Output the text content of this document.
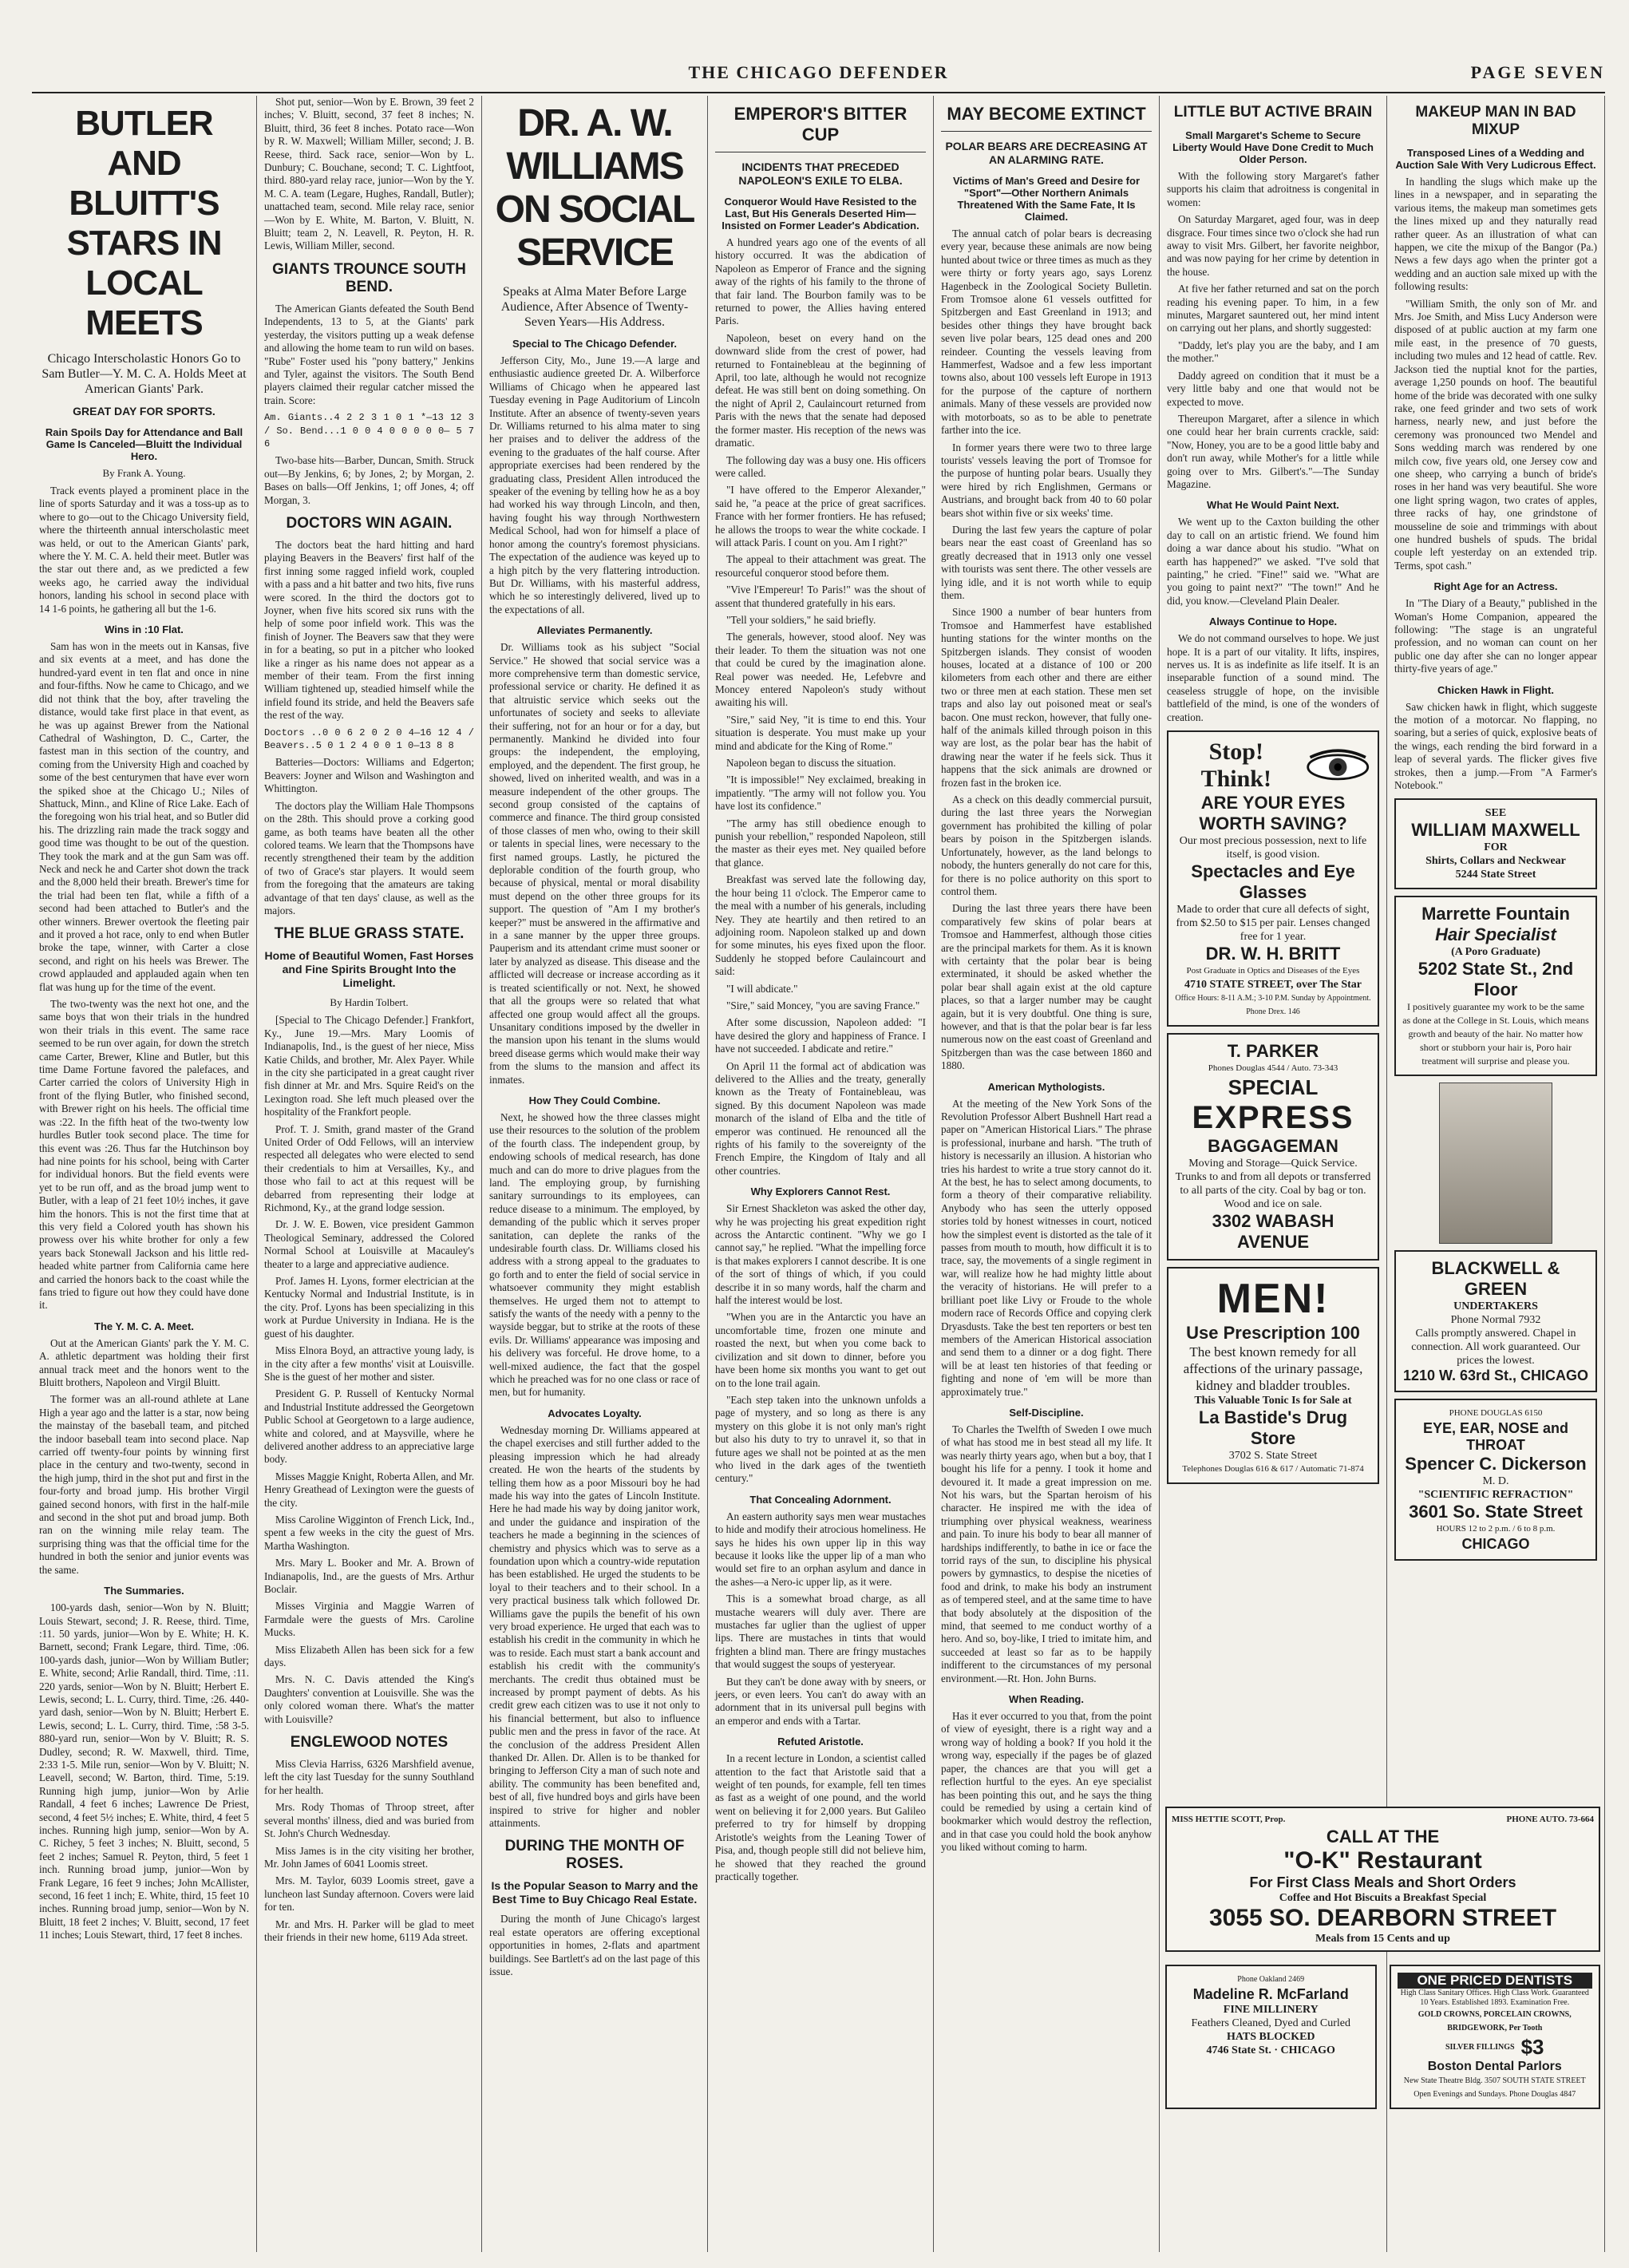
THE CHICAGO DEFENDER	PAGE SEVEN
BUTLER AND BLUITT'S STARS IN LOCAL MEETS
Chicago Interscholastic Honors Go to Sam Butler—Y. M. C. A. Holds Meet at American Giants' Park.
GREAT DAY FOR SPORTS.
Rain Spoils Day for Attendance and Ball Game Is Canceled—Bluitt the Individual Hero.
By Frank A. Young.

Track events played a prominent place in the line of sports Saturday and it was a toss-up as to where to go—out to the Chicago University field, where the thirteenth annual interscholastic meet was held, or out to the American Giants' park, where the Y. M. C. A. held their meet. Butler was the star out there and, as we predicted a few weeks ago, he carried away the individual honors, landing his school in second place with 14 1-6 points, he gathering all but the 1-6.

Wins in :10 Flat.

Sam has won in the meets out in Kansas, five and six events at a meet, and has done the hundred-yard event in ten flat and once in nine and four-fifths. Now he came to Chicago, and we did not think that the boy, after traveling the distance, would take first place in that event, as he was up against Brewer from the National Cathedral of Washington, D. C., Carter, the fastest man in this section of the country, and coming from the University High and coached by some of the best centurymen that have ever worn the spiked shoe at the Chicago U.; Niles of Shattuck, Minn., and Kline of Rice Lake. Each of the foregoing won his trial heat, and so Butler did his. The drizzling rain made the track soggy and good time was thought to be out of the question. They took the mark and at the gun Sam was off. Neck and neck he and Carter shot down the track and the 8,000 held their breath. Brewer's time for the trial had been ten flat, while a fifth of a second had been attached to Butler's and the other winners. Brewer overtook the fleeting pair and it proved a hot race, only to end when Butler broke the tape, winner, with Carter a close second, and right on his heels was Brewer. The crowd applauded and applauded again when ten flat was hung up for the time of the event.

The two-twenty was the next hot one, and the same boys that won their trials in the hundred won their trials in this event. The same race seemed to be run over again, for down the stretch came Carter, Brewer, Kline and Butler, but this time Dame Fortune favored the palefaces, and Carter carried the colors of University High in front of the flying Butler, who finished second, with Brewer right on his heels. The official time was :22. In the fifth heat of the two-twenty low hurdles Butler took second place. The time for this event was :26. Thus far the Hutchinson boy had nine points for his school, being with Carter for individual honors. But the field events were yet to be run off, and as the broad jump went to Butler, with a leap of 21 feet 10½ inches, it gave him the honors. This is not the first time that at this very field a Colored youth has shown his prowess over his white brother for only a few years back Stonewall Jackson and his little red-headed white partner from California came here and carried the honors back to the coast while the fans tried to figure out how they could have done it.

The Y. M. C. A. Meet.

Out at the American Giants' park the Y. M. C. A. athletic department was holding their first annual track meet and the honors went to the Bluitt brothers, Napoleon and Virgil Bluitt.

The former was an all-round athlete at Lane High a year ago and the latter is a star, now being the mainstay of the baseball team, and pitched the indoor baseball team into second place. Nap carried off twenty-four points by winning first place in the century and two-twenty, second in the high jump, third in the shot put and first in the four-forty and broad jump. His brother Virgil gained second honors, with first in the half-mile and second in the shot put and broad jump. Both ran on the winning mile relay team. The surprising thing was that the official time for the hundred in both the senior and junior events was the same.

The Summaries.

100-yards dash, senior—Won by N. Bluitt; Louis Stewart, second; J. R. Reese, third. Time, :11. 50 yards, junior—Won by E. White; H. K. Barnett, second; Frank Legare, third. Time, :06. 100-yards dash, junior—Won by William Butler; E. White, second; Arlie Randall, third. Time, :11. 220 yards, senior—Won by N. Bluitt; Herbert E. Lewis, second; L. L. Curry, third. Time, :26. 440-yard dash, senior—Won by N. Bluitt; Herbert E. Lewis, second; L. L. Curry, third. Time, :58 3-5. 880-yard run, senior—Won by V. Bluitt; R. S. Dudley, second; R. W. Maxwell, third. Time, 2:33 1-5. Mile run, senior—Won by V. Bluitt; N. Leavell, second; W. Barton, third. Time, 5:19. Running high jump, junior—Won by Arlie Randall, 4 feet 6 inches; Lawrence De Priest, second, 4 feet 5½ inches; E. White, third, 4 feet 5 inches. Running high jump, senior—Won by A. C. Richey, 5 feet 3 inches; N. Bluitt, second, 5 feet 2 inches; Samuel R. Peyton, third, 5 feet 1 inch. Running broad jump, junior—Won by Frank Legare, 16 feet 9 inches; John McAllister, second, 16 feet 1 inch; E. White, third, 15 feet 10 inches. Running broad jump, senior—Won by N. Bluitt, 18 feet 2 inches; V. Bluitt, second, 17 feet 11 inches; Louis Stewart, third, 17 feet 8 inches.

Shot put, senior—Won by E. Brown, 39 feet 2 inches; V. Bluitt, second, 37 feet 8 inches; N. Bluitt, third, 36 feet 8 inches. Potato race—Won by R. W. Maxwell; William Miller, second; J. B. Reese, third. Sack race, senior—Won by L. Dunbury; C. Bouchane, second; T. C. Lightfoot, third. 880-yard relay race, junior—Won by the Y. M. C. A. team (Legare, Hughes, Randall, Butler); unattached team, second. Mile relay race, senior—Won by E. White, M. Barton, V. Bluitt, N. Bluitt; team 2, N. Leavell, R. Peyton, H. R. Lewis, William Miller, second.

GIANTS TROUNCE SOUTH BEND.

The American Giants defeated the South Bend Independents, 13 to 5, at the Giants' park yesterday, the visitors putting up a weak defense and allowing the home team to run wild on bases. "Rube" Foster used his "pony battery," Jenkins and Tyler, against the visitors. The South Bend players claimed their regular catcher missed the train. Score:

Am. Giants..4 2 2 3 1 0 1 *—13 12 3 / So. Bend...1 0 0 4 0 0 0 0 0— 5 7 6

Two-base hits—Barber, Duncan, Smith. Struck out—By Jenkins, 6; by Jones, 2; by Morgan, 2. Bases on balls—Off Jenkins, 1; off Jones, 4; off Morgan, 3.

DOCTORS WIN AGAIN.

The doctors beat the hard hitting and hard playing Beavers in the Beavers' first half of the first inning some ragged infield work, coupled with a pass and a hit batter and two hits, five runs were scored. In the third the doctors got to Joyner, when five hits scored six runs with the help of some poor infield work. This was the finish of Joyner. The Beavers saw that they were in for a beating, so put in a pitcher who looked like a ringer as his name does not appear as a member of their team. From the first inning William tightened up, steadied himself while the infield found its stride, and held the Beavers safe the rest of the way.

Doctors ..0 0 6 2 0 2 0 4—16 12 4 / Beavers..5 0 1 2 4 0 0 1 0—13 8 8

Batteries—Doctors: Williams and Edgerton; Beavers: Joyner and Wilson and Washington and Whittington.

The doctors play the William Hale Thompsons on the 28th. This should prove a corking good game, as both teams have beaten all the other colored teams. We learn that the Thompsons have recently strengthened their team by the addition of two of Grace's star players. It would seem from the foregoing that the amateurs are taking advantage of that ten days' clause, as well as the majors.

THE BLUE GRASS STATE.
Home of Beautiful Women, Fast Horses and Fine Spirits Brought Into the Limelight.
By Hardin Tolbert.

[Special to The Chicago Defender.] Frankfort, Ky., June 19.—Mrs. Mary Loomis of Indianapolis, Ind., is the guest of her niece, Miss Katie Childs, and brother, Mr. Alex Payer. While in the city she participated in a great caught river fish dinner at Mr. and Mrs. Squire Reid's on the Lexington road. She left much pleased over the hospitality of the Frankfort people.

Prof. T. J. Smith, grand master of the Grand United Order of Odd Fellows, will an interview respected all delegates who were elected to send their credentials to him at Versailles, Ky., and those who fail to act at this request will be debarred from representing their lodge at Richmond, Ky., at the grand lodge session.

Dr. J. W. E. Bowen, vice president Gammon Theological Seminary, addressed the Colored Normal School at Louisville at Macauley's theater to a large and appreciative audience.

Prof. James H. Lyons, former electrician at the Kentucky Normal and Industrial Institute, is in the city. Prof. Lyons has been specializing in this work at Purdue University in Indiana. He is the guest of his daughter.

Miss Elnora Boyd, an attractive young lady, is in the city after a few months' visit at Louisville. She is the guest of her mother and sister.

President G. P. Russell of Kentucky Normal and Industrial Institute addressed the Georgetown Public School at Georgetown to a large audience, white and colored, and at Maysville, where he delivered another address to an appreciative large body.

Misses Maggie Knight, Roberta Allen, and Mr. Henry Greathead of Lexington were the guests of the city.

Miss Caroline Wigginton of French Lick, Ind., spent a few weeks in the city the guest of Mrs. Martha Washington.

Mrs. Mary L. Booker and Mr. A. Brown of Indianapolis, Ind., are the guests of Mrs. Arthur Boclair.

Misses Virginia and Maggie Warren of Farmdale were the guests of Mrs. Caroline Mucks.

Miss Elizabeth Allen has been sick for a few days.

Mrs. N. C. Davis attended the King's Daughters' convention at Louisville. She was the only colored woman there. What's the matter with Louisville?

ENGLEWOOD NOTES

Miss Clevia Harriss, 6326 Marshfield avenue, left the city last Tuesday for the sunny Southland for her health.

Mrs. Rody Thomas of Throop street, after several months' illness, died and was buried from St. John's Church Wednesday.

Miss James is in the city visiting her brother, Mr. John James of 6041 Loomis street.

Mrs. M. Taylor, 6039 Loomis street, gave a luncheon last Sunday afternoon. Covers were laid for ten.

Mr. and Mrs. H. Parker will be glad to meet their friends in their new home, 6119 Ada street.

DR. A. W. WILLIAMS ON SOCIAL SERVICE
Speaks at Alma Mater Before Large Audience, After Absence of Twenty-Seven Years—His Address.
Special to The Chicago Defender.

Jefferson City, Mo., June 19.—A large and enthusiastic audience greeted Dr. A. Wilberforce Williams of Chicago when he appeared last Tuesday evening in Page Auditorium of Lincoln Institute. After an absence of twenty-seven years Dr. Williams returned to his alma mater to sing her praises and to deliver the address of the evening to the graduates of the half course. After appropriate exercises had been rendered by the graduating class, President Allen introduced the speaker of the evening by telling how he as a boy had worked his way through Lincoln, and then, having fought his way through Northwestern Medical School, had won for himself a place of honor among the country's foremost physicians. The expectation of the audience was keyed up to a high pitch by the very flattering introduction. But Dr. Williams, with his masterful address, which he so interestingly delivered, lived up to the expectations of all.

Alleviates Permanently.

Dr. Williams took as his subject "Social Service." He showed that social service was a more comprehensive term than domestic service, professional service or charity. He defined it as that altruistic service which seeks out the unfortunates of society and seeks to alleviate their suffering, not for an hour or for a day, but permanently. Mankind he divided into four groups: the independent, the employing, employed, and the dependent. The first group, he showed, lived on inherited wealth, and was in a measure independent of the other groups. The second group consisted of the captains of commerce and finance. The third group consisted of those classes of men who, owing to their skill or talents in special lines, were necessary to the first named groups. Lastly, he pictured the deplorable condition of the fourth group, who because of physical, mental or moral disability must depend on the other three groups for its support. The question of "Am I my brother's keeper?" must be answered in the affirmative and in a sane manner by the upper three groups. Pauperism and its attendant crime must sooner or later by analyzed as disease. This disease and the afflicted will decrease or increase according as it is treated scientifically or not. Next, he showed that all the groups were so related that what affected one group would affect all the groups. Unsanitary conditions imposed by the dweller in the mansion upon his tenant in the slums would breed disease germs which would make their way from the slums to the mansion and affect its inmates.

How They Could Combine.

Next, he showed how the three classes might use their resources to the solution of the problem of the fourth class. The independent group, by endowing schools of medical research, has done much and can do more to drive plagues from the land. The employing group, by furnishing sanitary surroundings to its employees, can reduce disease to a minimum. The employed, by demanding of the public which it serves proper sanitation, can deplete the ranks of the undesirable fourth class. Dr. Williams closed his address with a strong appeal to the graduates to go forth and to enter the field of social service in whatsoever community they might establish themselves. He urged them not to attempt to satisfy the wants of the needy with a penny to the wayside beggar, but to strike at the roots of these evils. Dr. Williams' appearance was imposing and his delivery was forceful. He drove home, to a well-mixed audience, the fact that the gospel which he preached was for no one class or race of men, but for humanity.

Advocates Loyalty.

Wednesday morning Dr. Williams appeared at the chapel exercises and still further added to the pleasing impression which he had already created. He won the hearts of the students by telling them how as a poor Missouri boy he had made his way into the gates of Lincoln Institute. Here he had made his way by doing janitor work, and under the guidance and inspiration of the teachers he made a beginning in the sciences of chemistry and physics which was to serve as a foundation upon which a country-wide reputation has been established. He urged the students to be loyal to their teachers and to their school. In a very practical business talk which followed Dr. Williams gave the pupils the benefit of his own very broad experience. He urged that each was to establish his credit in the community in which he was to reside. Each must start a bank account and establish his credit with the community's merchants. The credit thus obtained must be increased by prompt payment of debts. As his credit grew each citizen was to use it not only to his financial betterment, but also to influence public men and the press in favor of the race. At the conclusion of the address President Allen thanked Dr. Allen. Dr. Allen is to be thanked for bringing to Jefferson City a man of such note and ability. The community has been benefited and, best of all, five hundred boys and girls have been inspired to strive for higher and nobler attainments.

DURING THE MONTH OF ROSES.
Is the Popular Season to Marry and the Best Time to Buy Chicago Real Estate.

During the month of June Chicago's largest real estate operators are offering exceptional opportunities in homes, 2-flats and apartment buildings. See Bartlett's ad on the last page of this issue.

EMPEROR'S BITTER CUP
INCIDENTS THAT PRECEDED NAPOLEON'S EXILE TO ELBA.
Conqueror Would Have Resisted to the Last, But His Generals Deserted Him—Insisted on Former Leader's Abdication.

A hundred years ago one of the events of all history occurred. It was the abdication of Napoleon as Emperor of France and the signing away of the rights of his family to the throne of that fair land. The Bourbon family was to be returned to power, the Allies having entered Paris.

Napoleon, beset on every hand on the downward slide from the crest of power, had returned to Fontainebleau at the beginning of April, too late, although he would not recognize defeat. He was still bent on doing something. On the night of April 2, Caulaincourt returned from Paris with the news that the senate had deposed the former master. His reception of the news was dramatic.

The following day was a busy one. His officers were called.

"I have offered to the Emperor Alexander," said he, "a peace at the price of great sacrifices. France with her former frontiers. He has refused; he allows the troops to wear the white cockade. I will attack Paris. I count on you. Am I right?"

The appeal to their attachment was great. The resourceful conqueror stood before them.

"Vive l'Empereur! To Paris!" was the shout of assent that thundered gratefully in his ears.

"Tell your soldiers," he said briefly.

The generals, however, stood aloof. Ney was their leader. To them the situation was not one that could be cured by the imagination alone. Real power was needed. He, Lefebvre and Moncey entered Napoleon's study without awaiting his will.

"Sire," said Ney, "it is time to end this. Your situation is desperate. You must make up your mind and abdicate for the King of Rome."

Napoleon began to discuss the situation.

"It is impossible!" Ney exclaimed, breaking in impatiently. "The army will not follow you. You have lost its confidence."

"The army has still obedience enough to punish your rebellion," responded Napoleon, still the master as their eyes met. Ney quailed before that glance.

Breakfast was served late the following day, the hour being 11 o'clock. The Emperor came to the meal with a number of his generals, including Ney. They ate heartily and then retired to an adjoining room. Napoleon stalked up and down for some minutes, his eyes fixed upon the floor. Suddenly he stopped before Caulaincourt and said:

"I will abdicate."

"Sire," said Moncey, "you are saving France."

After some discussion, Napoleon added: "I have desired the glory and happiness of France. I have not succeeded. I abdicate and retire."

On April 11 the formal act of abdication was delivered to the Allies and the treaty, generally known as the Treaty of Fontainebleau, was signed. By this document Napoleon was made monarch of the island of Elba and the title of emperor was continued. He renounced all the rights of his family to the sovereignty of the French Empire, the Kingdom of Italy and all other countries.

Why Explorers Cannot Rest.

Sir Ernest Shackleton was asked the other day, why he was projecting his great expedition right across the Antarctic continent. "Why we go I cannot say," he replied. "What the impelling force is that makes explorers I cannot describe. It is one of the sort of things of which, if you could describe it in so many words, half the charm and half the interest would be lost.

"When you are in the Antarctic you have an uncomfortable time, frozen one minute and roasted the next, but when you come back to civilization and sit down to dinner, before you have been home six months you want to get out on to the lone trail again.

"Each step taken into the unknown unfolds a page of mystery, and so long as there is any mystery on this globe it is not only man's right but also his duty to try to unravel it, so that in future ages we shall not be pointed at as the men who lived in the dark ages of the twentieth century."

That Concealing Adornment.

An eastern authority says men wear mustaches to hide and modify their atrocious homeliness. He says he hides his own upper lip in this way because it looks like the upper lip of a man who would set fire to an orphan asylum and dance in the ashes—a Nero-ic upper lip, as it were.

This is a somewhat broad charge, as all mustache wearers will duly aver. There are mustaches far uglier than the ugliest of upper lips. There are mustaches in tints that would frighten a blind man. There are fringy mustaches that would suggest the soups of yesteryear.

But they can't be done away with by sneers, or jeers, or even leers. You can't do away with an adornment that in its universal pull begins with an emperor and ends with a Tartar.

Refuted Aristotle.

In a recent lecture in London, a scientist called attention to the fact that Aristotle said that a weight of ten pounds, for example, fell ten times as fast as a weight of one pound, and the world went on believing it for 2,000 years. But Galileo preferred to try for himself by dropping Aristotle's weights from the Leaning Tower of Pisa, and, though people still did not believe him, he showed that they reached the ground practically together.

MAY BECOME EXTINCT
POLAR BEARS ARE DECREASING AT AN ALARMING RATE.
Victims of Man's Greed and Desire for "Sport"—Other Northern Animals Threatened With the Same Fate, It Is Claimed.

The annual catch of polar bears is decreasing every year, because these animals are now being hunted about twice or three times as much as they were thirty or forty years ago, says Lorenz Hagenbeck in the Zoological Society Bulletin. From Tromsoe alone 61 vessels outfitted for Spitzbergen and East Greenland in 1913; and besides other things they have brought back seven live polar bears, 125 dead ones and 200 reindeer. Counting the vessels leaving from Hammerfest, Wadsoe and a few less important towns also, about 100 vessels left Europe in 1913 for the purpose of the capture of northern animals. Many of these vessels are provided now with motorboats, so as to be able to penetrate farther into the ice.

In former years there were two to three large tourists' vessels leaving the port of Tromsoe for the purpose of hunting polar bears. Usually they were hired by rich Englishmen, Germans or Austrians, and brought back from 40 to 60 polar bears shot within five or six weeks' time.

During the last few years the capture of polar bears near the east coast of Greenland has so greatly decreased that in 1913 only one vessel with tourists was sent there. The other vessels are lying idle, and it is not worth while to equip them.

Since 1900 a number of bear hunters from Tromsoe and Hammerfest have established hunting stations for the winter months on the Spitzbergen islands. They consist of wooden houses, located at a distance of 100 or 200 kilometers from each other and there are either two or three men at each station. These men set traps and also lay out poisoned meat or seal's bacon. One must reckon, however, that fully one-half of the animals killed through poison in this way are lost, as the polar bear has the habit of drawing near the water if he feels sick. Thus it happens that the sick animals are drowned or frozen fast in the broken ice.

As a check on this deadly commercial pursuit, during the last three years the Norwegian government has prohibited the killing of polar bears by poison in the Spitzbergen islands. Unfortunately, however, as the land belongs to nobody, the hunters generally do not care for this, for there is no police authority on this sport to control them.

During the last three years there have been comparatively few skins of polar bears at Tromsoe and Hammerfest, although those cities are the principal markets for them. As it is known with certainty that the polar bear is being exterminated, it should be asked whether the polar bear shall again exist at the old capture places, so that a larger number may be caught again, but it is very doubtful. One thing is sure, however, and that is that the polar bear is far less numerous now on the east coast of Greenland and Spitzbergen than was the case between 1860 and 1880.

American Mythologists.

At the meeting of the New York Sons of the Revolution Professor Albert Bushnell Hart read a paper on "American Historical Liars." The phrase is professional, inurbane and harsh. "The truth of history is necessarily an illusion. A historian who tries his hardest to write a true story cannot do it. At the best, he has to select among documents, to form a theory of their comparative reliability. Anybody who has seen the utterly opposed stories told by honest witnesses in court, noticed how the simplest event is distorted as the tale of it passes from mouth to mouth, how difficult it is to trace, say, the movements of a single regiment in war, will realize how he had mighty little about the veracity of historians. He will prefer to a brilliant poet like Livy or Froude to the whole modern race of Records Office and copying clerk Dryasdusts. Take the best ten reporters or best ten members of the American Historical association and send them to a dinner or a dog fight. There will be at least ten histories of that feeding or fighting and none of 'em will be more than approximately true."

Self-Discipline.

To Charles the Twelfth of Sweden I owe much of what has stood me in best stead all my life. It was nearly thirty years ago, when but a boy, that I bought his life for a penny. I took it home and devoured it. It made a great impression on me. Not his wars, but the Spartan heroism of his character. He inspired me with the idea of triumphing over physical weakness, weariness and pain. To inure his body to bear all manner of hardships indifferently, to bathe in ice or face the torrid rays of the sun, to discipline his physical powers by gymnastics, to despise the niceties of food and drink, to make his body an instrument as of tempered steel, and at the same time to have that body absolutely at the disposition of the mind, that seemed to me conduct worthy of a hero. And so, boy-like, I tried to imitate him, and succeeded at least so far as to be happily indifferent to the circumstances of my personal environment.—Rt. Hon. John Burns.

When Reading.

Has it ever occurred to you that, from the point of view of eyesight, there is a right way and a wrong way of holding a book? If you hold it the wrong way, especially if the pages be of glazed paper, the chances are that you will get a reflection hurtful to the eyes. An eye specialist has been pointing this out, and he says the thing could be remedied by using a certain kind of bookmarker which would destroy the reflection, and in that case you could hold the book anyhow you liked without coming to harm.

LITTLE BUT ACTIVE BRAIN
Small Margaret's Scheme to Secure Liberty Would Have Done Credit to Much Older Person.

With the following story Margaret's father supports his claim that adroitness is congenital in women:

On Saturday Margaret, aged four, was in deep disgrace. Four times since two o'clock she had run away to visit Mrs. Gilbert, her favorite neighbor, and was now paying for her crime by detention in the house.

At five her father returned and sat on the porch reading his evening paper. To him, in a few minutes, Margaret sauntered out, her mind intent on carrying out her plans, and shortly suggested:

"Daddy, let's play you are the baby, and I am the mother."

Daddy agreed on condition that it must be a very little baby and one that would not be expected to move.

Thereupon Margaret, after a silence in which one could hear her brain currents crackle, said: "Now, Honey, you are to be a good little baby and don't run away, while Mother's for a little while going over to Mrs. Gilbert's."—The Sunday Magazine.

What He Would Paint Next.

We went up to the Caxton building the other day to call on an artistic friend. We found him doing a war dance about his studio. "What on earth has happened?" we asked. "I've sold that painting," he cried. "Fine!" said we. "What are you going to paint next?" "The town!" And he did, you know.—Cleveland Plain Dealer.

Always Continue to Hope.

We do not command ourselves to hope. We just hope. It is a part of our vitality. It lifts, inspires, nerves us. It is as indefinite as life itself. It is an inseparable function of a sound mind. The ceaseless struggle of hope, on the invisible battlefield of the mind, is one of the wonders of creation.

Stop! Think!
ARE YOUR EYES WORTH SAVING?
Our most precious possession, next to life itself, is good vision.
Spectacles and Eye Glasses
Made to order that cure all defects of sight, from $2.50 to $15 per pair. Lenses changed free for 1 year.
DR. W. H. BRITT
Post Graduate in Optics and Diseases of the Eyes
4710 STATE STREET, over The Star
Office Hours: 8-11 A.M.; 3-10 P.M. Sunday by Appointment. Phone Drex. 146
T. PARKER
Phones Douglas 4544 / Auto. 73-343
SPECIAL
EXPRESS
BAGGAGEMAN
Moving and Storage—Quick Service. Trunks to and from all depots or transferred to all parts of the city. Coal by bag or ton. Wood and ice on sale.
3302 WABASH AVENUE
MEN!
Use Prescription 100
The best known remedy for all affections of the urinary passage, kidney and bladder troubles.
This Valuable Tonic Is for Sale at
La Bastide's Drug Store
3702 S. State Street
Telephones Douglas 616 & 617 / Automatic 71-874
MAKEUP MAN IN BAD MIXUP
Transposed Lines of a Wedding and Auction Sale With Very Ludicrous Effect.

In handling the slugs which make up the lines in a newspaper, and in separating the various items, the makeup man sometimes gets the lines mixed up and they naturally read rather queer. As an illustration of what can happen, we cite the mixup of the Bangor (Pa.) News a few days ago when the printer got a wedding and an auction sale mixed up with the following results:

"William Smith, the only son of Mr. and Mrs. Joe Smith, and Miss Lucy Anderson were disposed of at public auction at my farm one mile east, in the presence of 70 guests, including two mules and 12 head of cattle. Rev. Jackson tied the nuptial knot for the parties, average 1,250 pounds on hoof. The beautiful home of the bride was decorated with one sulky rake, one feed grinder and two sets of work harness, nearly new, and just before the ceremony was pronounced two Mendel and Sons wedding march was rendered by one milch cow, five years old, one Jersey cow and one sheep, who carrying a bunch of bride's roses in her hand was very beautiful. She wore one light spring wagon, two crates of apples, three racks of hay, one grindstone of mousseline de soie and trimmings with about one hundred bushels of spuds. The bridal couple left yesterday on an extended trip. Terms, spot cash."

Right Age for an Actress.

In "The Diary of a Beauty," published in the Woman's Home Companion, appeared the following: "The stage is an ungrateful profession, and no woman can count on her public one day after she can no longer appear thirty-five years of age."

Chicken Hawk in Flight.

Saw chicken hawk in flight, which suggeste the motion of a motorcar. No flapping, no soaring, but a series of quick, explosive beats of the wings, each rending the bird forward in a leap of several yards. The flicker gives five strokes, then a jump.—From "A Farmer's Notebook."

SEE
WILLIAM MAXWELL
FOR
Shirts, Collars and Neckwear
5244 State Street
Marrette Fountain
Hair Specialist
(A Poro Graduate)
5202 State St., 2nd Floor
I positively guarantee my work to be the same as done at the College in St. Louis, which means growth and beauty of the hair. No matter how short or stubborn your hair is, Poro hair treatment will surprise and please you.
BLACKWELL & GREEN
UNDERTAKERS
Phone Normal 7932
Calls promptly answered. Chapel in connection. All work guaranteed. Our prices the lowest.
1210 W. 63rd St., CHICAGO
PHONE DOUGLAS 6150
EYE, EAR, NOSE and THROAT
Spencer C. Dickerson
M. D.
"SCIENTIFIC REFRACTION"
3601 So. State Street
HOURS 12 to 2 p.m. / 6 to 8 p.m.
CHICAGO
MISS HETTIE SCOTT, Prop.	PHONE AUTO. 73-664
CALL AT THE
"O-K" Restaurant
For First Class Meals and Short Orders
Coffee and Hot Biscuits a Breakfast Special
3055 SO. DEARBORN STREET
Meals from 15 Cents and up
Phone Oakland 2469
Madeline R. McFarland
FINE MILLINERY
Feathers Cleaned, Dyed and Curled
HATS BLOCKED
4746 State St. · CHICAGO
ONE PRICED DENTISTS
High Class Sanitary Offices. High Class Work. Guaranteed 10 Years. Established 1893. Examination Free.
GOLD CROWNS, PORCELAIN CROWNS, BRIDGEWORK, Per Tooth
SILVER FILLINGS $3
Boston Dental Parlors
New State Theatre Bldg. 3507 SOUTH STATE STREET
Open Evenings and Sundays. Phone Douglas 4847
